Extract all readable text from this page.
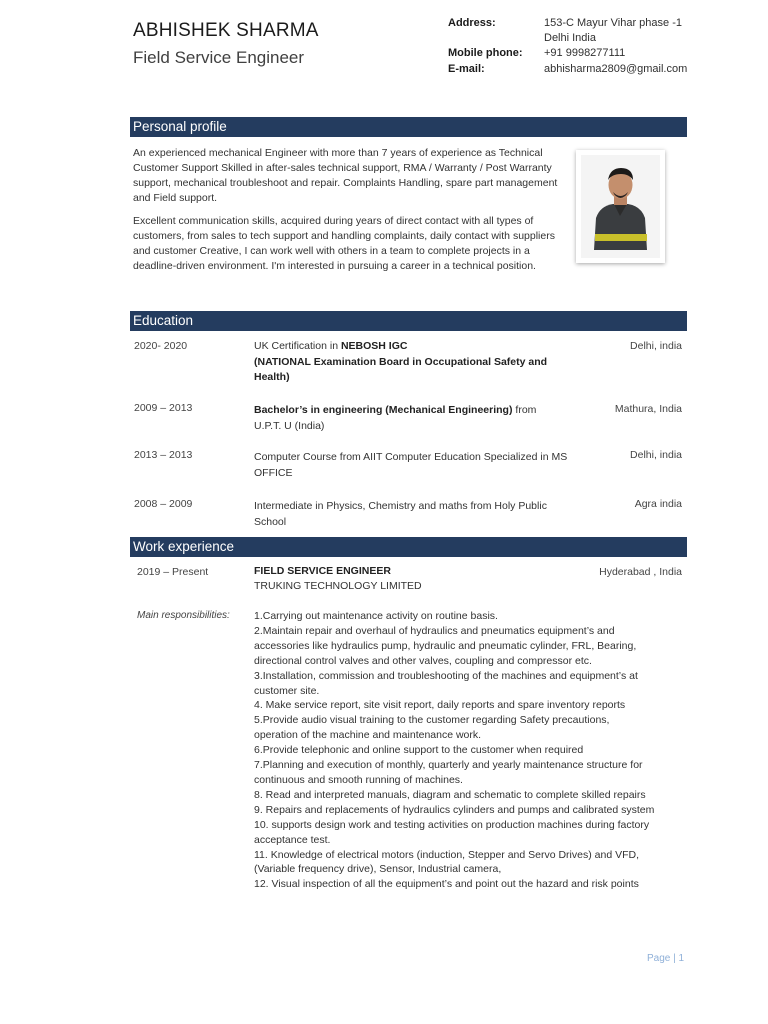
ABHISHEK SHARMA
Field Service Engineer
Address:	153-C Mayur Vihar phase -1
Delhi India
Mobile phone: +91 9998277111
E-mail:	abhisharma2809@gmail.com
Personal profile
An experienced mechanical Engineer with more than 7 years of experience as Technical Customer Support Skilled in after-sales technical support, RMA / Warranty / Post Warranty support, mechanical troubleshoot and repair. Complaints Handling, spare part management and Field support.
Excellent communication skills, acquired during years of direct contact with all types of customers, from sales to tech support and handling complaints, daily contact with suppliers and customer Creative, I can work well with others in a team to complete projects in a deadline-driven environment. I'm interested in pursuing a career in a technical position.
Education
2020- 2020	UK Certification in NEBOSH IGC
(NATIONAL Examination Board in Occupational Safety and Health)
Delhi, india
2009 – 2013	Bachelor’s in engineering (Mechanical Engineering) from
U.P.T. U (India)
Mathura, India
2013 – 2013	Computer Course from AIIT Computer Education Specialized in MS OFFICE
Delhi, india
2008 – 2009	Intermediate in Physics, Chemistry and maths from Holy Public School
Agra india
Work experience
2019 – Present	FIELD SERVICE ENGINEER
TRUKING TECHNOLOGY LIMITED
Hyderabad , India
Main responsibilities: 1.Carrying out maintenance activity on routine basis.
2.Maintain repair and overhaul of hydraulics and pneumatics equipment’s and
accessories like hydraulics pump, hydraulic and pneumatic cylinder, FRL, Bearing,
directional control valves and other valves, coupling and compressor etc.
3.Installation, commission and troubleshooting of the machines and equipment’s at
customer site.
4. Make service report, site visit report, daily reports and spare inventory reports
5.Provide audio visual training to the customer regarding Safety precautions,
operation of the machine and maintenance work.
6.Provide telephonic and online support to the customer when required
7.Planning and execution of monthly, quarterly and yearly maintenance structure for
continuous and smooth running of machines.
8. Read and interpreted manuals, diagram and schematic to complete skilled repairs
9. Repairs and replacements of hydraulics cylinders and pumps and calibrated system
10. supports design work and testing activities on production machines during factory
acceptance test.
11. Knowledge of electrical motors (induction, Stepper and Servo Drives) and VFD,
(Variable frequency drive), Sensor, Industrial camera,
12. Visual inspection of all the equipment’s and point out the hazard and risk points
Page | 1
